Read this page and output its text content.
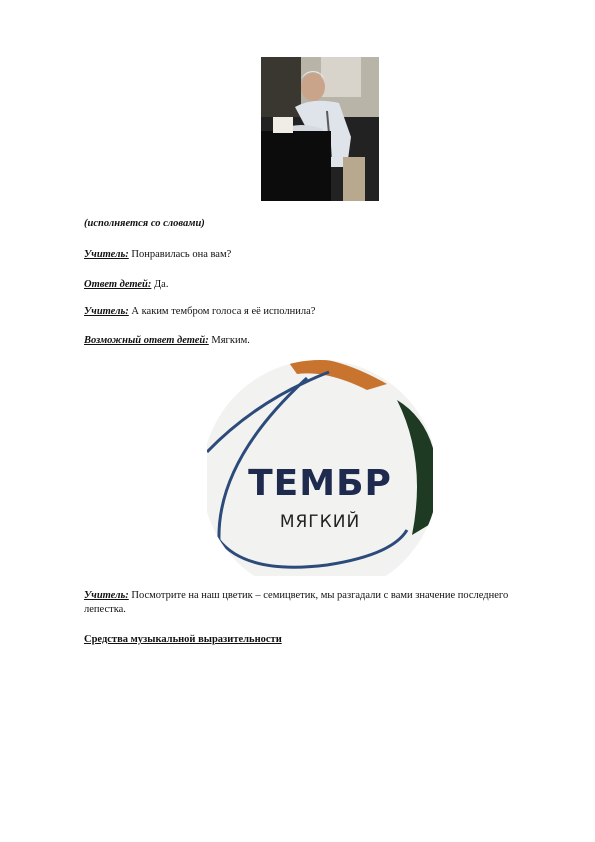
(исполняется со словами)
Учитель: Понравилась она вам?
Ответ детей: Да.
Учитель: А каким тембром голоса я её исполнила?
Возможный ответ детей: Мягким.
ТЕМБР
МЯГКИЙ
Учитель: Посмотрите на наш цветик – семицветик, мы разгадали с вами значение последнего лепестка.
Средства музыкальной выразительности
